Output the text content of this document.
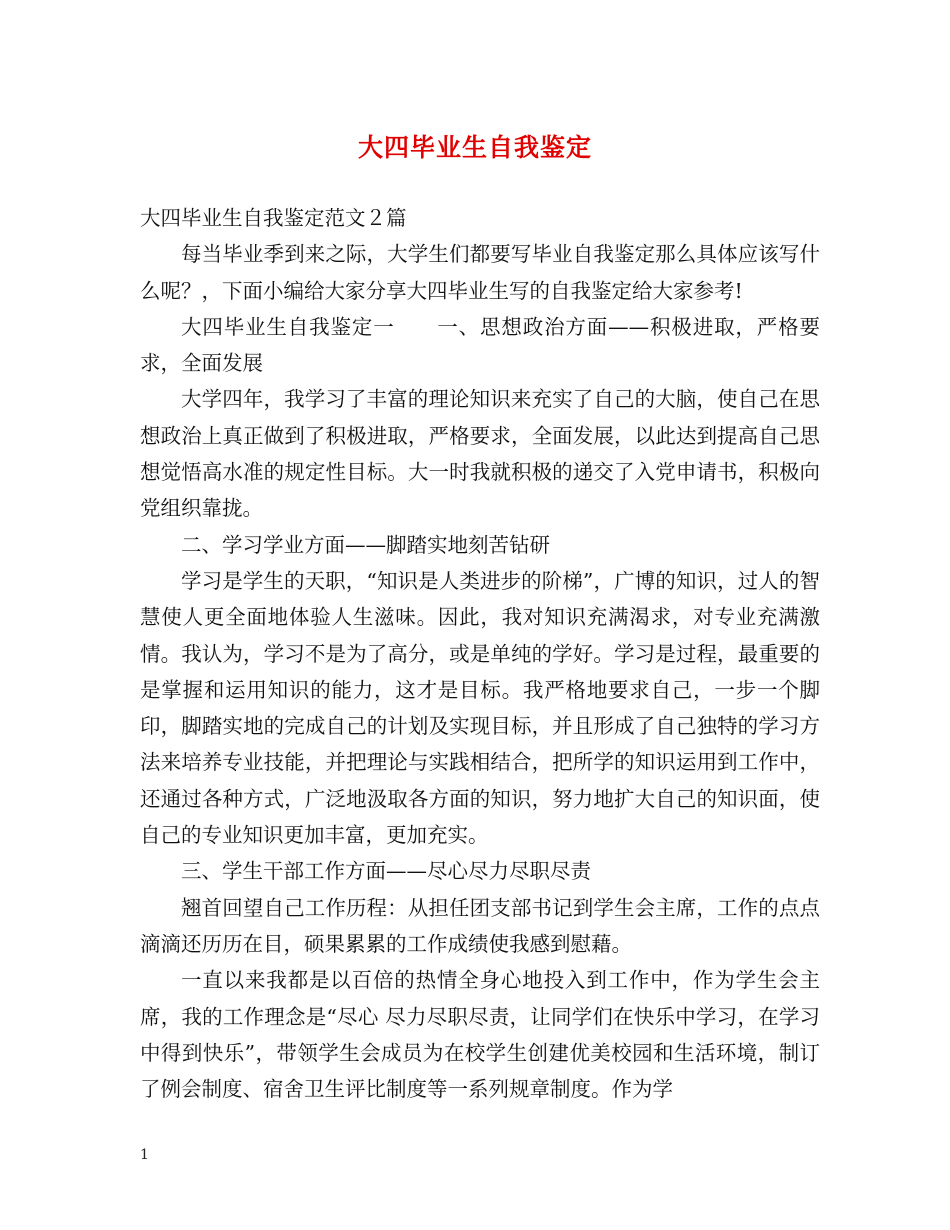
大四毕业生自我鉴定

大四毕业生自我鉴定范文２篇

每当毕业季到来之际，大学生们都要写毕业自我鉴定那么具体应该写什么呢？，下面小编给大家分享大四毕业生写的自我鉴定给大家参考!

大四毕业生自我鉴定一　　一、思想政治方面——积极进取，严格要求，全面发展

大学四年，我学习了丰富的理论知识来充实了自己的大脑，使自己在思想政治上真正做到了积极进取，严格要求，全面发展，以此达到提高自己思想觉悟高水准的规定性目标。大一时我就积极的递交了入党申请书，积极向党组织靠拢。

二、学习学业方面——脚踏实地刻苦钻研

学习是学生的天职，“知识是人类进步的阶梯”，广博的知识，过人的智慧使人更全面地体验人生滋味。因此，我对知识充满渴求，对专业充满激情。我认为，学习不是为了高分，或是单纯的学好。学习是过程，最重要的是掌握和运用知识的能力，这才是目标。我严格地要求自己，一步一个脚印，脚踏实地的完成自己的计划及实现目标，并且形成了自己独特的学习方法来培养专业技能，并把理论与实践相结合，把所学的知识运用到工作中，还通过各种方式，广泛地汲取各方面的知识，努力地扩大自己的知识面，使自己的专业知识更加丰富，更加充实。

三、学生干部工作方面——尽心尽力尽职尽责

翘首回望自己工作历程：从担任团支部书记到学生会主席，工作的点点滴滴还历历在目，硕果累累的工作成绩使我感到慰藉。

一直以来我都是以百倍的热情全身心地投入到工作中，作为学生会主席，我的工作理念是“尽心 尽力尽职尽责，让同学们在快乐中学习，在学习中得到快乐”，带领学生会成员为在校学生创建优美校园和生活环境，制订了例会制度、宿舍卫生评比制度等一系列规章制度。作为学

1
